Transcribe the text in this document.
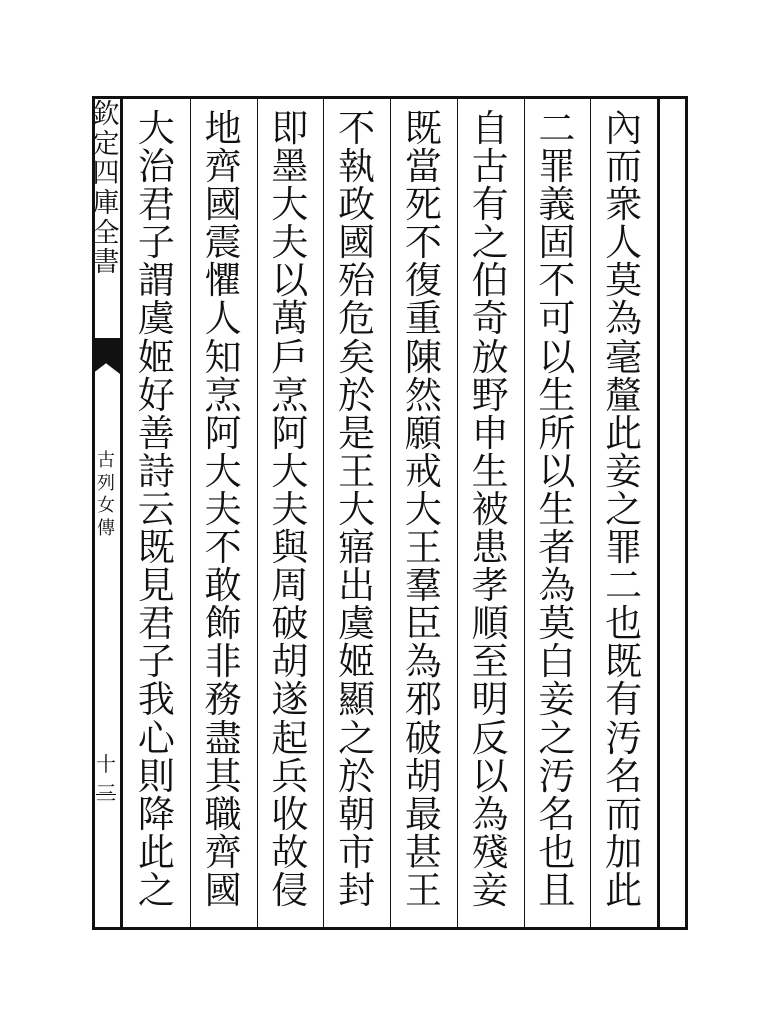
欽
定
四
庫
全
書
古
列
女
傳
十三
內
而
衆
人
莫
為
毫
釐
此
妾
之
罪
二
也
既
有
汚
名
而
加
此
二
罪
義
固
不
可
以
生
所
以
生
者
為
莫
白
妾
之
汚
名
也
且
自
古
有
之
伯
奇
放
野
申
生
被
患
孝
順
至
明
反
以
為
殘
妾
既
當
死
不
復
重
陳
然
願
戒
大
王
羣
臣
為
邪
破
胡
最
甚
王
不
執
政
國
殆
危
矣
於
是
王
大
寤
出
虞
姬
顯
之
於
朝
市
封
即
墨
大
夫
以
萬
戶
烹
阿
大
夫
與
周
破
胡
遂
起
兵
收
故
侵
地
齊
國
震
懼
人
知
烹
阿
大
夫
不
敢
飾
非
務
盡
其
職
齊
國
大
治
君
子
謂
虞
姬
好
善
詩
云
既
見
君
子
我
心
則
降
此
之
